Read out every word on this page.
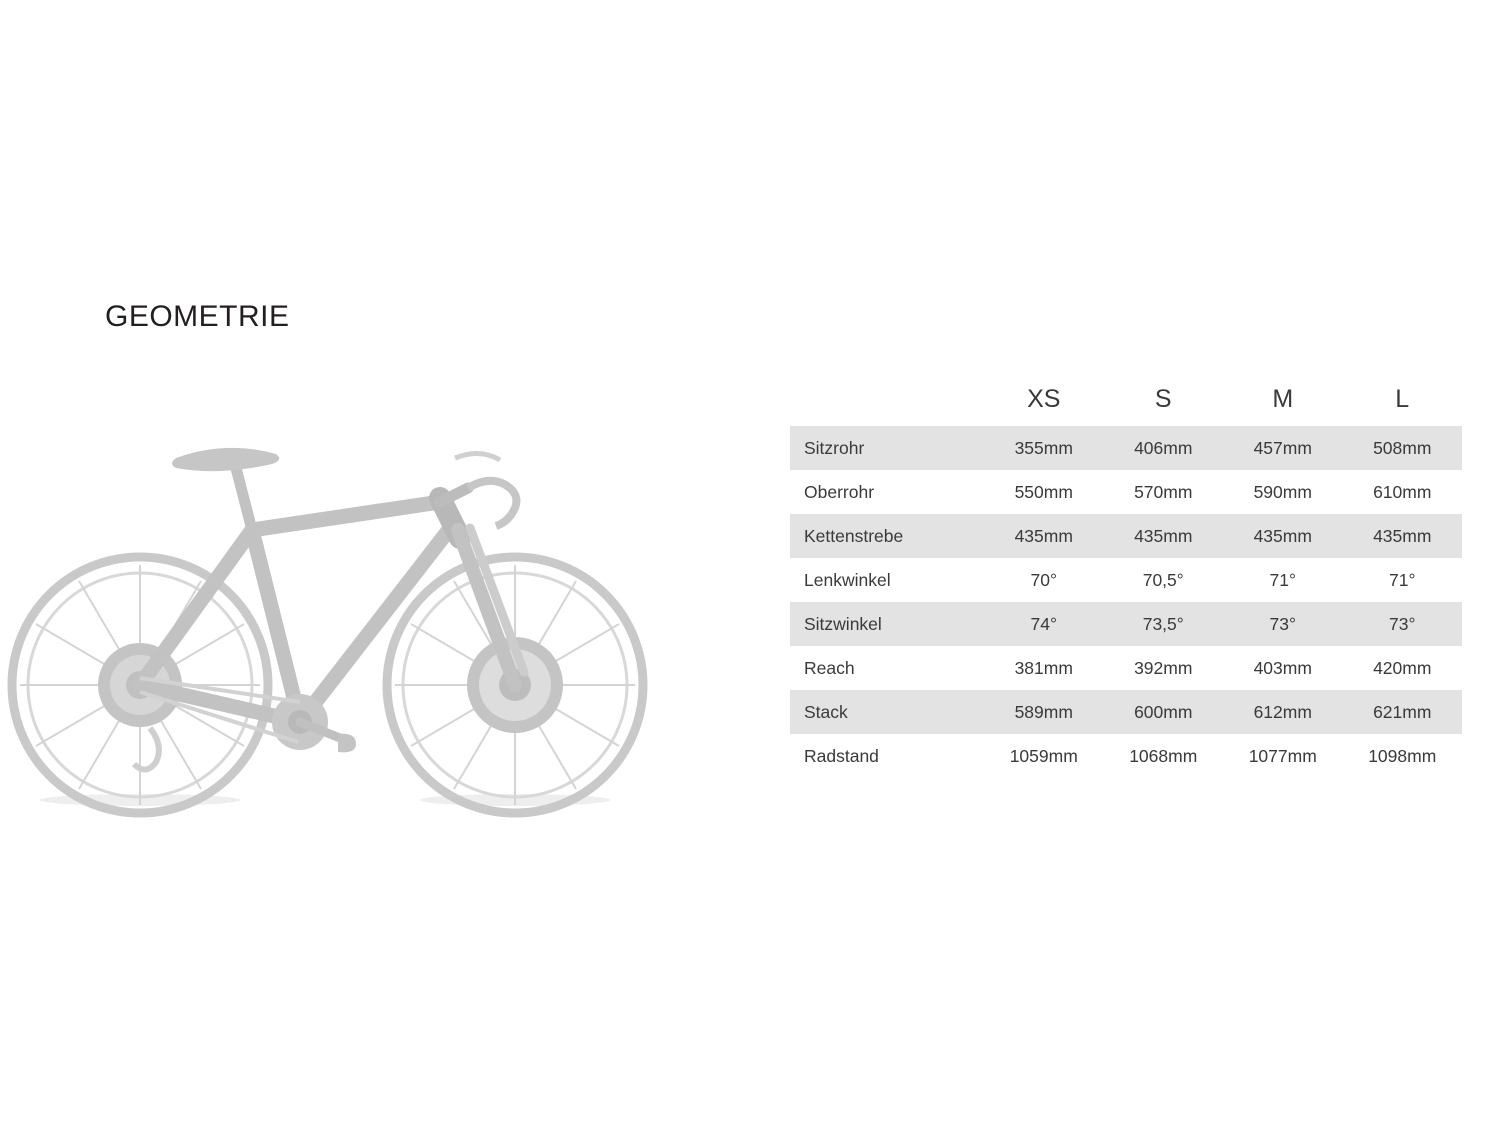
GEOMETRIE
	XS	S	M	L
Sitzrohr	355mm	406mm	457mm	508mm
Oberrohr	550mm	570mm	590mm	610mm
Kettenstrebe	435mm	435mm	435mm	435mm
Lenkwinkel	70°	70,5°	71°	71°
Sitzwinkel	74°	73,5°	73°	73°
Reach	381mm	392mm	403mm	420mm
Stack	589mm	600mm	612mm	621mm
Radstand	1059mm	1068mm	1077mm	1098mm
